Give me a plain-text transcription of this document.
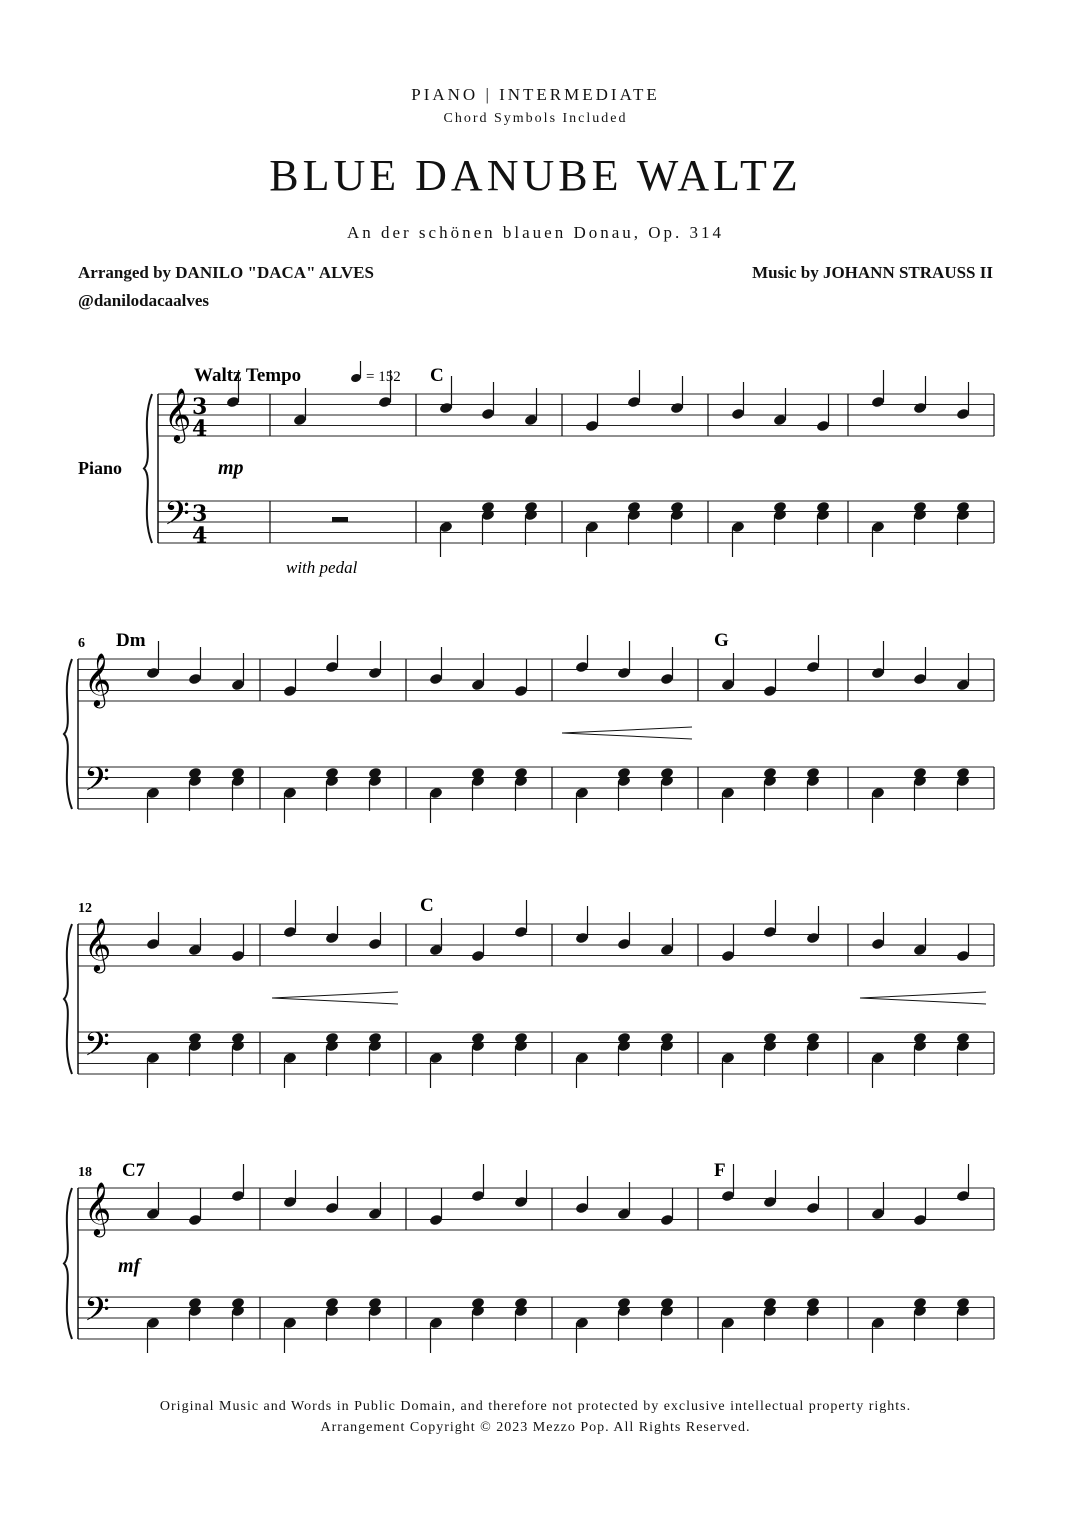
PIANO | INTERMEDIATE
Chord Symbols Included
BLUE DANUBE WALTZ
An der schönen blauen Donau, Op. 314
Arranged by DANILO "DACA" ALVES
@danilodacaalves
Music by JOHANN STRAUSS II
Waltz Tempo	= 152
Piano
with pedal
mp
mf
6
12
18
C
Dm	G
C
C7	F
𝄞
𝄢
3
4
3
4
𝄞
𝄢
𝄞
𝄢
𝄞
𝄢
Original Music and Words in Public Domain, and therefore not protected by exclusive intellectual property rights.
Arrangement Copyright © 2023 Mezzo Pop. All Rights Reserved.
